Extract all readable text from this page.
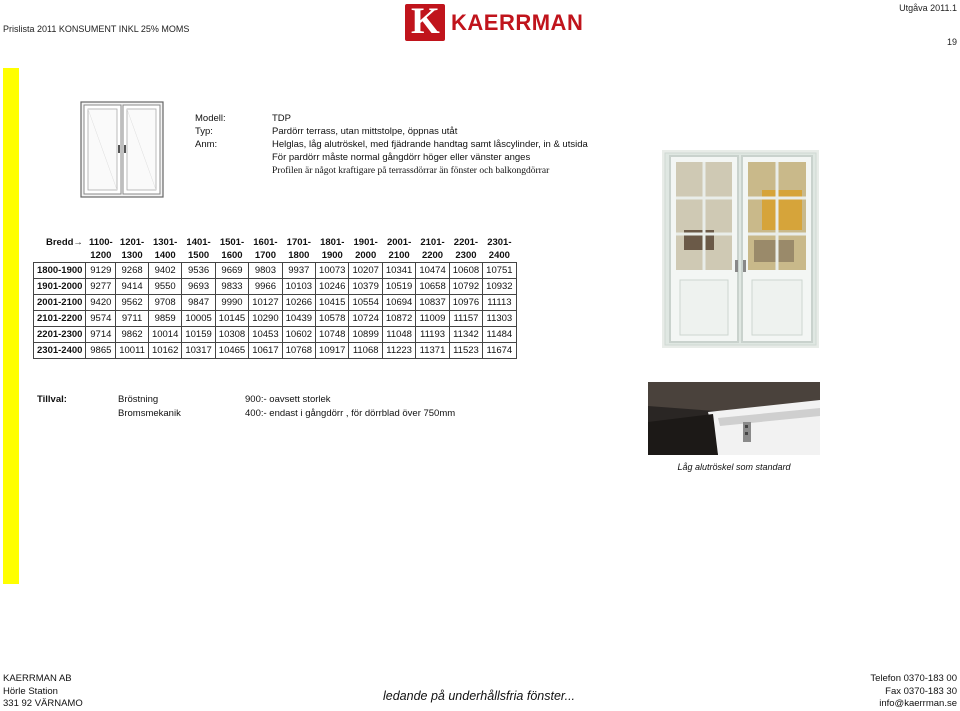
Prislista 2011 KONSUMENT INKL 25% MOMS
Utgåva 2011.1
19
K KAERRMAN
Modell:	TDP
Typ:	Pardörr terrass, utan mittstolpe, öppnas utåt
Anm:	Helglas, låg alutröskel, med fjädrande handtag samt låscylinder, in & utsida
För pardörr måste normal gångdörr höger eller vänster anges
Profilen är något kraftigare på terrassdörrar än fönster och balkongdörrar
Bredd→	1100-	1201-	1301-	1401-	1501-	1601-	1701-	1801-	1901-	2001-	2101-	2201-	2301-
	1200	1300	1400	1500	1600	1700	1800	1900	2000	2100	2200	2300	2400
1800-1900	9129	9268	9402	9536	9669	9803	9937	10073	10207	10341	10474	10608	10751
1901-2000	9277	9414	9550	9693	9833	9966	10103	10246	10379	10519	10658	10792	10932
2001-2100	9420	9562	9708	9847	9990	10127	10266	10415	10554	10694	10837	10976	11113
2101-2200	9574	9711	9859	10005	10145	10290	10439	10578	10724	10872	11009	11157	11303
2201-2300	9714	9862	10014	10159	10308	10453	10602	10748	10899	11048	11193	11342	11484
2301-2400	9865	10011	10162	10317	10465	10617	10768	10917	11068	11223	11371	11523	11674
Tillval:	Bröstning	900:- oavsett storlek
Bromsmekanik	400:- endast i gångdörr , för dörrblad över 750mm
Låg alutröskel som standard
KAERRMAN AB
Hörle Station
331 92 VÄRNAMO
ledande på underhållsfria fönster...
Telefon 0370-183 00
Fax 0370-183 30
info@kaerrman.se
